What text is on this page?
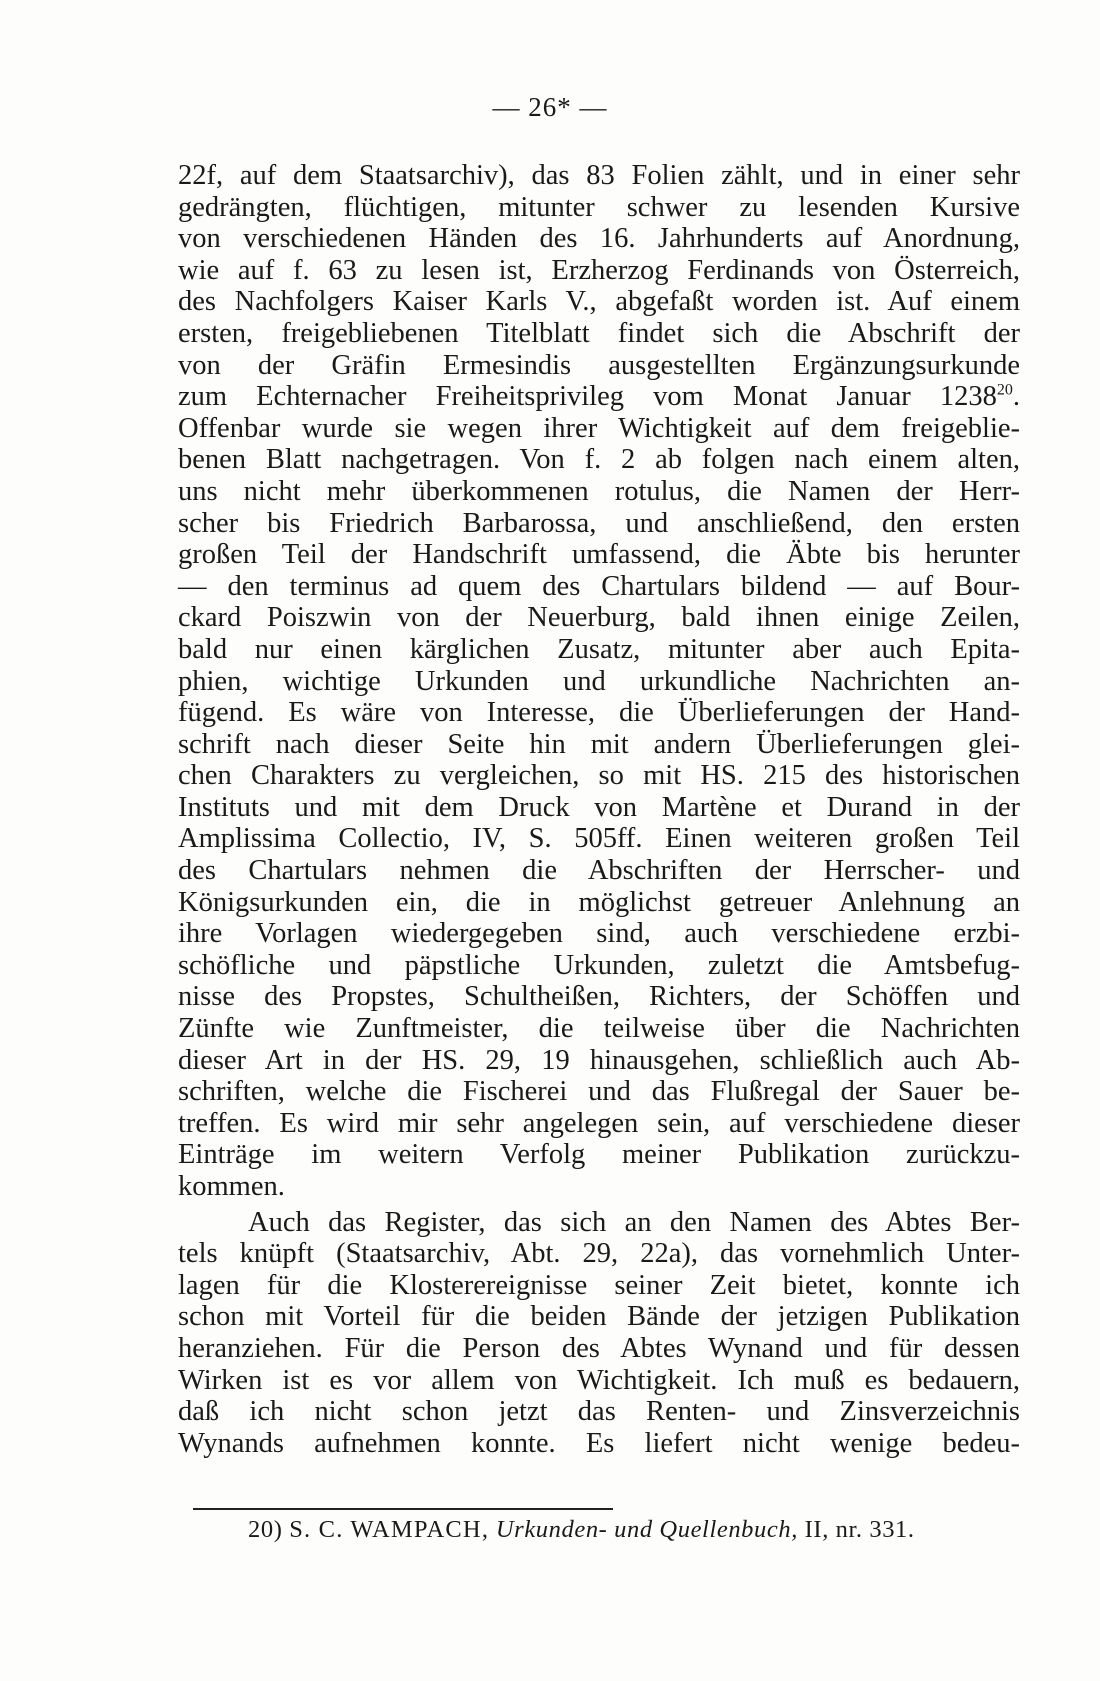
— 26* —
22f, auf dem Staatsarchiv), das 83 Folien zählt, und in einer sehr
gedrängten, flüchtigen, mitunter schwer zu lesenden Kursive
von verschiedenen Händen des 16. Jahrhunderts auf Anordnung,
wie auf f. 63 zu lesen ist, Erzherzog Ferdinands von Österreich,
des Nachfolgers Kaiser Karls V., abgefaßt worden ist. Auf einem
ersten, freigebliebenen Titelblatt findet sich die Abschrift der
von der Gräfin Ermesindis ausgestellten Ergänzungsurkunde
zum Echternacher Freiheitsprivileg vom Monat Januar 1238$^{20}$.
Offenbar wurde sie wegen ihrer Wichtigkeit auf dem freigeblie-
benen Blatt nachgetragen. Von f. 2 ab folgen nach einem alten,
uns nicht mehr überkommenen rotulus, die Namen der Herr-
scher bis Friedrich Barbarossa, und anschließend, den ersten
großen Teil der Handschrift umfassend, die Äbte bis herunter
— den terminus ad quem des Chartulars bildend — auf Bour-
ckard Poiszwin von der Neuerburg, bald ihnen einige Zeilen,
bald nur einen kärglichen Zusatz, mitunter aber auch Epita-
phien, wichtige Urkunden und urkundliche Nachrichten an-
fügend. Es wäre von Interesse, die Überlieferungen der Hand-
schrift nach dieser Seite hin mit andern Überlieferungen glei-
chen Charakters zu vergleichen, so mit HS. 215 des historischen
Instituts und mit dem Druck von Martène et Durand in der
Amplissima Collectio, IV, S. 505ff. Einen weiteren großen Teil
des Chartulars nehmen die Abschriften der Herrscher- und
Königsurkunden ein, die in möglichst getreuer Anlehnung an
ihre Vorlagen wiedergegeben sind, auch verschiedene erzbi-
schöfliche und päpstliche Urkunden, zuletzt die Amtsbefug-
nisse des Propstes, Schultheißen, Richters, der Schöffen und
Zünfte wie Zunftmeister, die teilweise über die Nachrichten
dieser Art in der HS. 29, 19 hinausgehen, schließlich auch Ab-
schriften, welche die Fischerei und das Flußregal der Sauer be-
treffen. Es wird mir sehr angelegen sein, auf verschiedene dieser
Einträge im weitern Verfolg meiner Publikation zurückzu-
kommen.
Auch das Register, das sich an den Namen des Abtes Ber-
tels knüpft (Staatsarchiv, Abt. 29, 22a), das vornehmlich Unter-
lagen für die Klosterereignisse seiner Zeit bietet, konnte ich
schon mit Vorteil für die beiden Bände der jetzigen Publikation
heranziehen. Für die Person des Abtes Wynand und für dessen
Wirken ist es vor allem von Wichtigkeit. Ich muß es bedauern,
daß ich nicht schon jetzt das Renten- und Zinsverzeichnis
Wynands aufnehmen konnte. Es liefert nicht wenige bedeu-
20) S. C. WAMPACH, Urkunden- und Quellenbuch, II, nr. 331.
